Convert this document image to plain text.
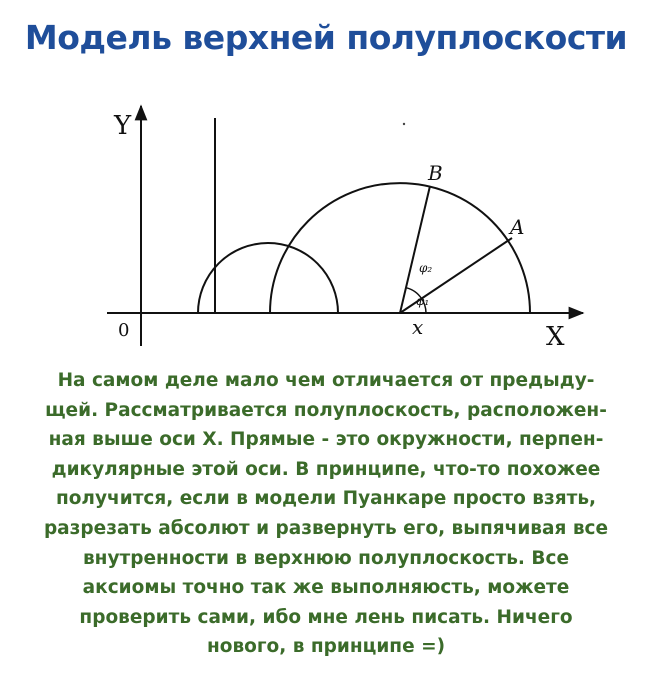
Модель верхней полуплоскости
Y
X
0	x
A
B
φ₁
φ₂
На самом деле мало чем отличается от предыду-
щей. Рассматривается полуплоскость, расположен-
ная выше оси X. Прямые - это окружности, перпен-
дикулярные этой оси. В принципе, что-то похожее
получится, если в модели Пуанкаре просто взять,
разрезать абсолют и развернуть его, выпячивая все
внутренности в верхнюю полуплоскость. Все
аксиомы точно так же выполняюсть, можете
проверить сами, ибо мне лень писать. Ничего
нового, в принципе =)
